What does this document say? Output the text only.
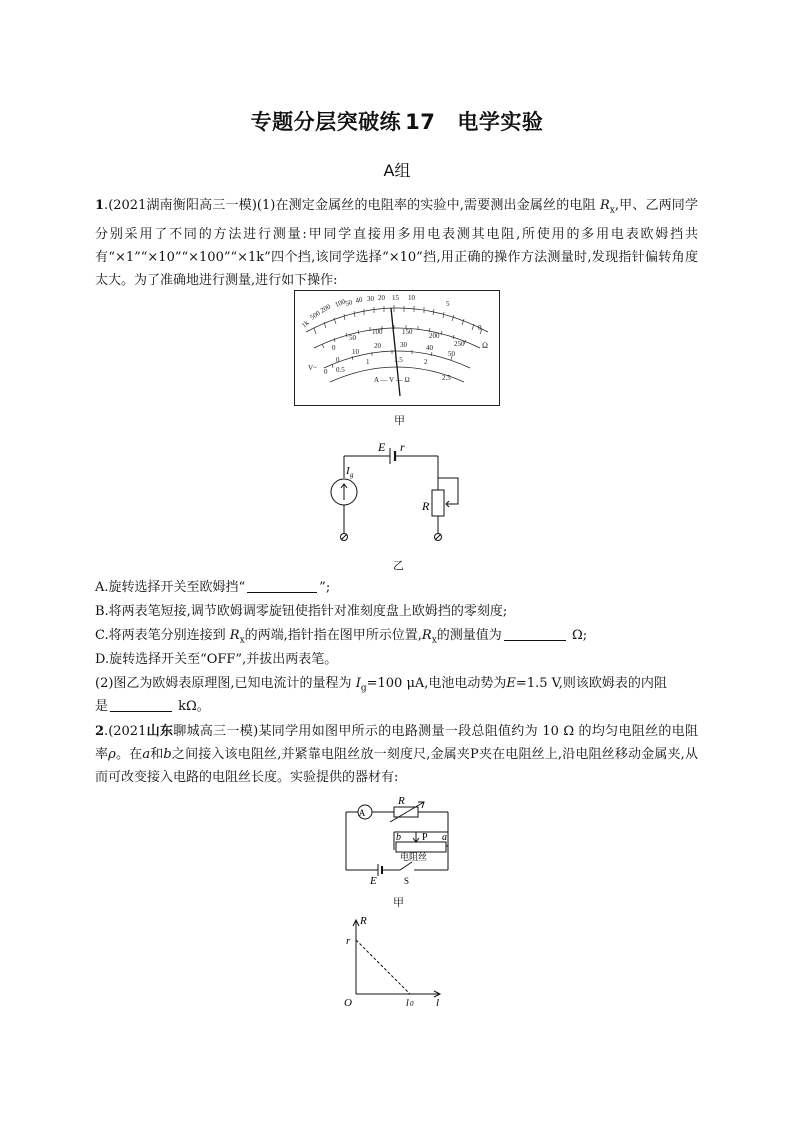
专题分层突破练 17 电学实验
A组
1.(2021湖南衡阳高三一模)(1)在测定金属丝的电阻率的实验中,需要测出金属丝的电阻 $R_x$,甲、乙两同学分别采用了不同的方法进行测量:甲同学直接用多用电表测其电阻,所使用的多用电表欧姆挡共有“×1”“×10”“×100”“×1k”四个挡,该同学选择“×10”挡,用正确的操作方法测量时,发现指针偏转角度太大。为了准确地进行测量,进行如下操作:
1k
500
200 100
50 40 30 20 15 10
5
0
0
50
100	150 200
250
0
10
20	30	40
50
0 0.5
1	1.5	2
2.5
Ω
V~
A — V — Ω
甲
E r
I g
R
乙
A.旋转选择开关至欧姆挡“	”;
B.将两表笔短接,调节欧姆调零旋钮使指针对准刻度盘上欧姆挡的零刻度;
C.将两表笔分别连接到 $R_x$的两端,指针指在图甲所示位置$,R_x$的测量值为	Ω;
D.旋转选择开关至“OFF”,并拔出两表笔。
(2)图乙为欧姆表原理图,已知电流计的量程为 $I_g=100$ μA,电池电动势为E=1.5 V,则该欧姆表的内阻
是	kΩ。
2.(2021山东聊城高三一模)某同学用如图甲所示的电路测量一段总阻值约为 10 Ω 的均匀电阻丝的电阻率ρ。在a和b之间接入该电阻丝,并紧靠电阻丝放一刻度尺,金属夹P夹在电阻丝上,沿电阻丝移动金属夹,从而可改变接入电路的电阻丝长度。实验提供的器材有:
A
R
P a
b
电阻丝
E	S
甲
R
l
O
r
l 0
